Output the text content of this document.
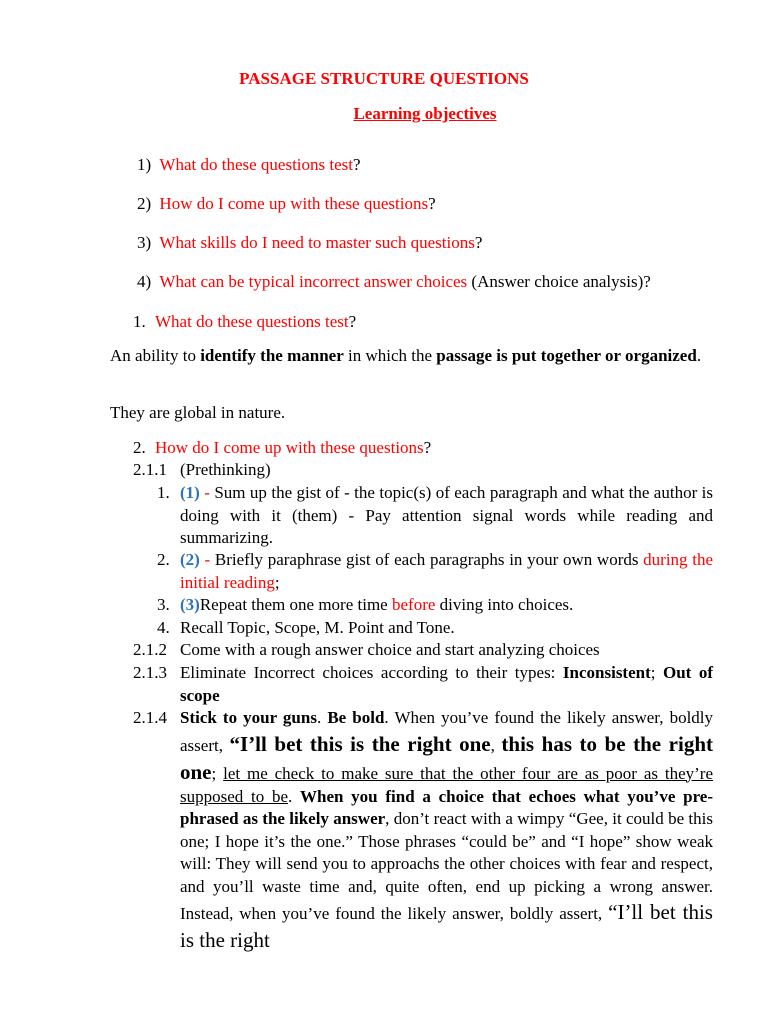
PASSAGE STRUCTURE QUESTIONS
Learning objectives
1) What do these questions test?
2) How do I come up with these questions?
3) What skills do I need to master such questions?
4) What can be typical incorrect answer choices (Answer choice analysis)?
1. What do these questions test?
An ability to identify the manner in which the passage is put together or organized.
They are global in nature.
2. How do I come up with these questions?
2.1.1 (Prethinking)
1. (1) - Sum up the gist of - the topic(s) of each paragraph and what the author is doing with it (them) - Pay attention signal words while reading and summarizing.
2. (2) - Briefly paraphrase gist of each paragraphs in your own words during the initial reading;
3. (3)Repeat them one more time before diving into choices.
4. Recall Topic, Scope, M. Point and Tone.
2.1.2 Come with a rough answer choice and start analyzing choices
2.1.3 Eliminate Incorrect choices according to their types: Inconsistent; Out of scope
2.1.4 Stick to your guns. Be bold. When you’ve found the likely answer, boldly assert, “I’ll bet this is the right one, this has to be the right one; let me check to make sure that the other four are as poor as they’re supposed to be. When you find a choice that echoes what you’ve pre- phrased as the likely answer, don’t react with a wimpy “Gee, it could be this one; I hope it’s the one.” Those phrases “could be” and “I hope” show weak will: They will send you to approachs the other choices with fear and respect, and you’ll waste time and, quite often, end up picking a wrong answer. Instead, when you’ve found the likely answer, boldly assert, “I’ll bet this is the right
